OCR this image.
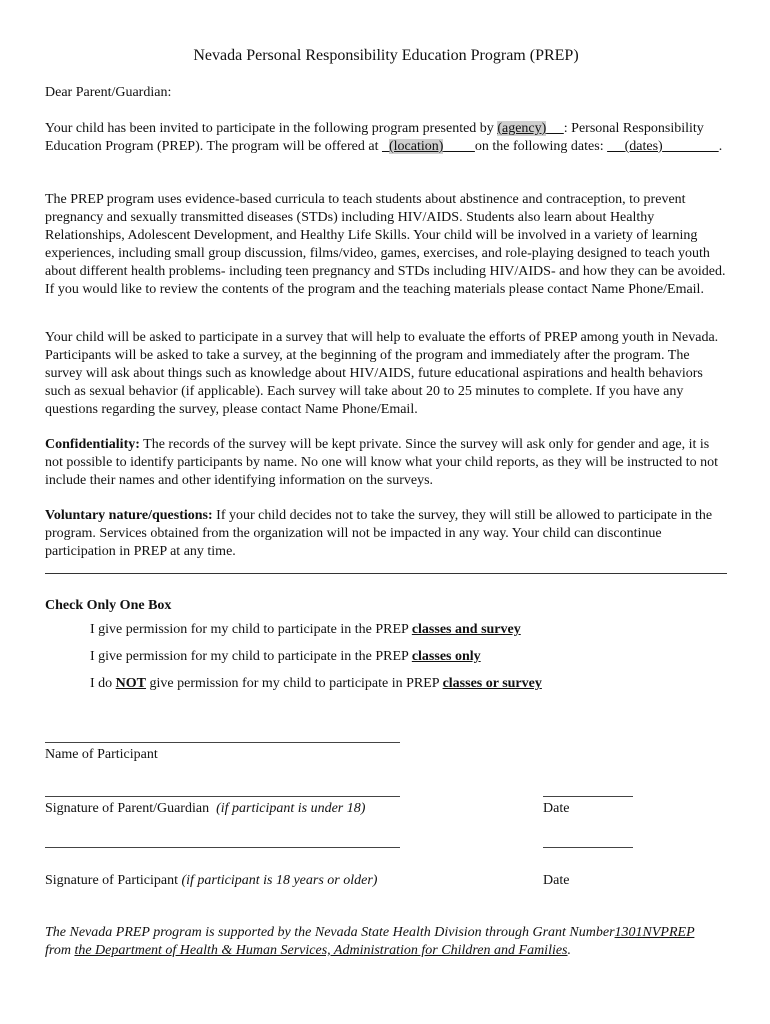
Nevada Personal Responsibility Education Program (PREP)

Dear Parent/Guardian:

Your child has been invited to participate in the following program presented by (agency) : Personal Responsibility Education Program (PREP). The program will be offered at   (location) on the following dates:      (dates)	.

The PREP program uses evidence-based curricula to teach students about abstinence and contraception, to prevent pregnancy and sexually transmitted diseases (STDs) including HIV/AIDS. Students also learn about Healthy Relationships, Adolescent Development, and Healthy Life Skills. Your child will be involved in a variety of learning experiences, including small group discussion, films/video, games, exercises, and role-playing designed to teach youth about different health problems- including teen pregnancy and STDs including HIV/AIDS- and how they can be avoided. If you would like to review the contents of the program and the teaching materials please contact Name Phone/Email.

Your child will be asked to participate in a survey that will help to evaluate the efforts of PREP among youth in Nevada. Participants will be asked to take a survey, at the beginning of the program and immediately after the program. The survey will ask about things such as knowledge about HIV/AIDS, future educational aspirations and health behaviors such as sexual behavior (if applicable). Each survey will take about 20 to 25 minutes to complete. If you have any questions regarding the survey, please contact Name Phone/Email.

Confidentiality: The records of the survey will be kept private. Since the survey will ask only for gender and age, it is not possible to identify participants by name. No one will know what your child reports, as they will be instructed to not include their names and other identifying information on the surveys.

Voluntary nature/questions: If your child decides not to take the survey, they will still be allowed to participate in the program. Services obtained from the organization will not be impacted in any way. Your child can discontinue participation in PREP at any time.

Check Only One Box
I give permission for my child to participate in the PREP classes and survey
I give permission for my child to participate in the PREP classes only
I do NOT give permission for my child to participate in PREP classes or survey
Name of Participant
Signature of Parent/Guardian (if participant is under 18)	Date
Signature of Participant (if participant is 18 years or older)	Date

The Nevada PREP program is supported by the Nevada State Health Division through Grant Number1301NVPREP from the Department of Health & Human Services, Administration for Children and Families.
